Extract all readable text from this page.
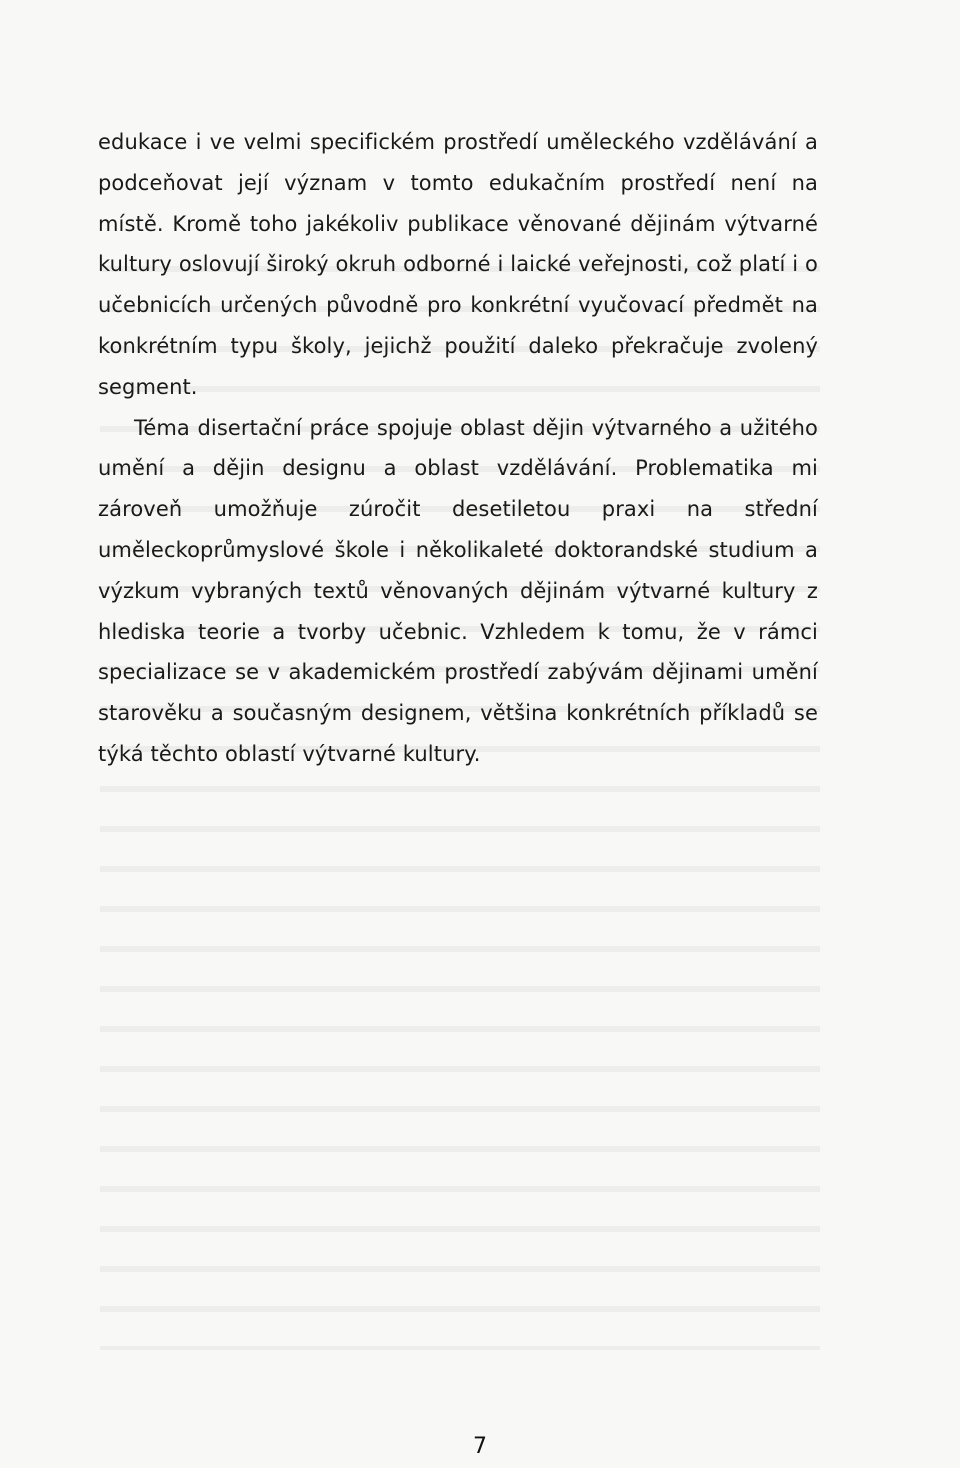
edukace i ve velmi specifickém prostředí uměleckého vzdělávání a podceňovat její význam v tomto edukačním prostředí není na místě. Kromě toho jakékoliv publikace věnované dějinám výtvarné kultury oslovují široký okruh odborné i laické veřejnosti, což platí i o učebnicích určených původně pro konkrétní vyučovací předmět na konkrétním typu školy, jejichž použití daleko překračuje zvolený segment.

Téma disertační práce spojuje oblast dějin výtvarného a užitého umění a dějin designu a oblast vzdělávání. Problematika mi zároveň umožňuje zúročit desetiletou praxi na střední uměleckoprůmyslové škole i několikaleté doktorandské studium a výzkum vybraných textů věnovaných dějinám výtvarné kultury z hlediska teorie a tvorby učebnic. Vzhledem k tomu, že v rámci specializace se v akademickém prostředí zabývám dějinami umění starověku a současným designem, většina konkrétních příkladů se týká těchto oblastí výtvarné kultury.

7
